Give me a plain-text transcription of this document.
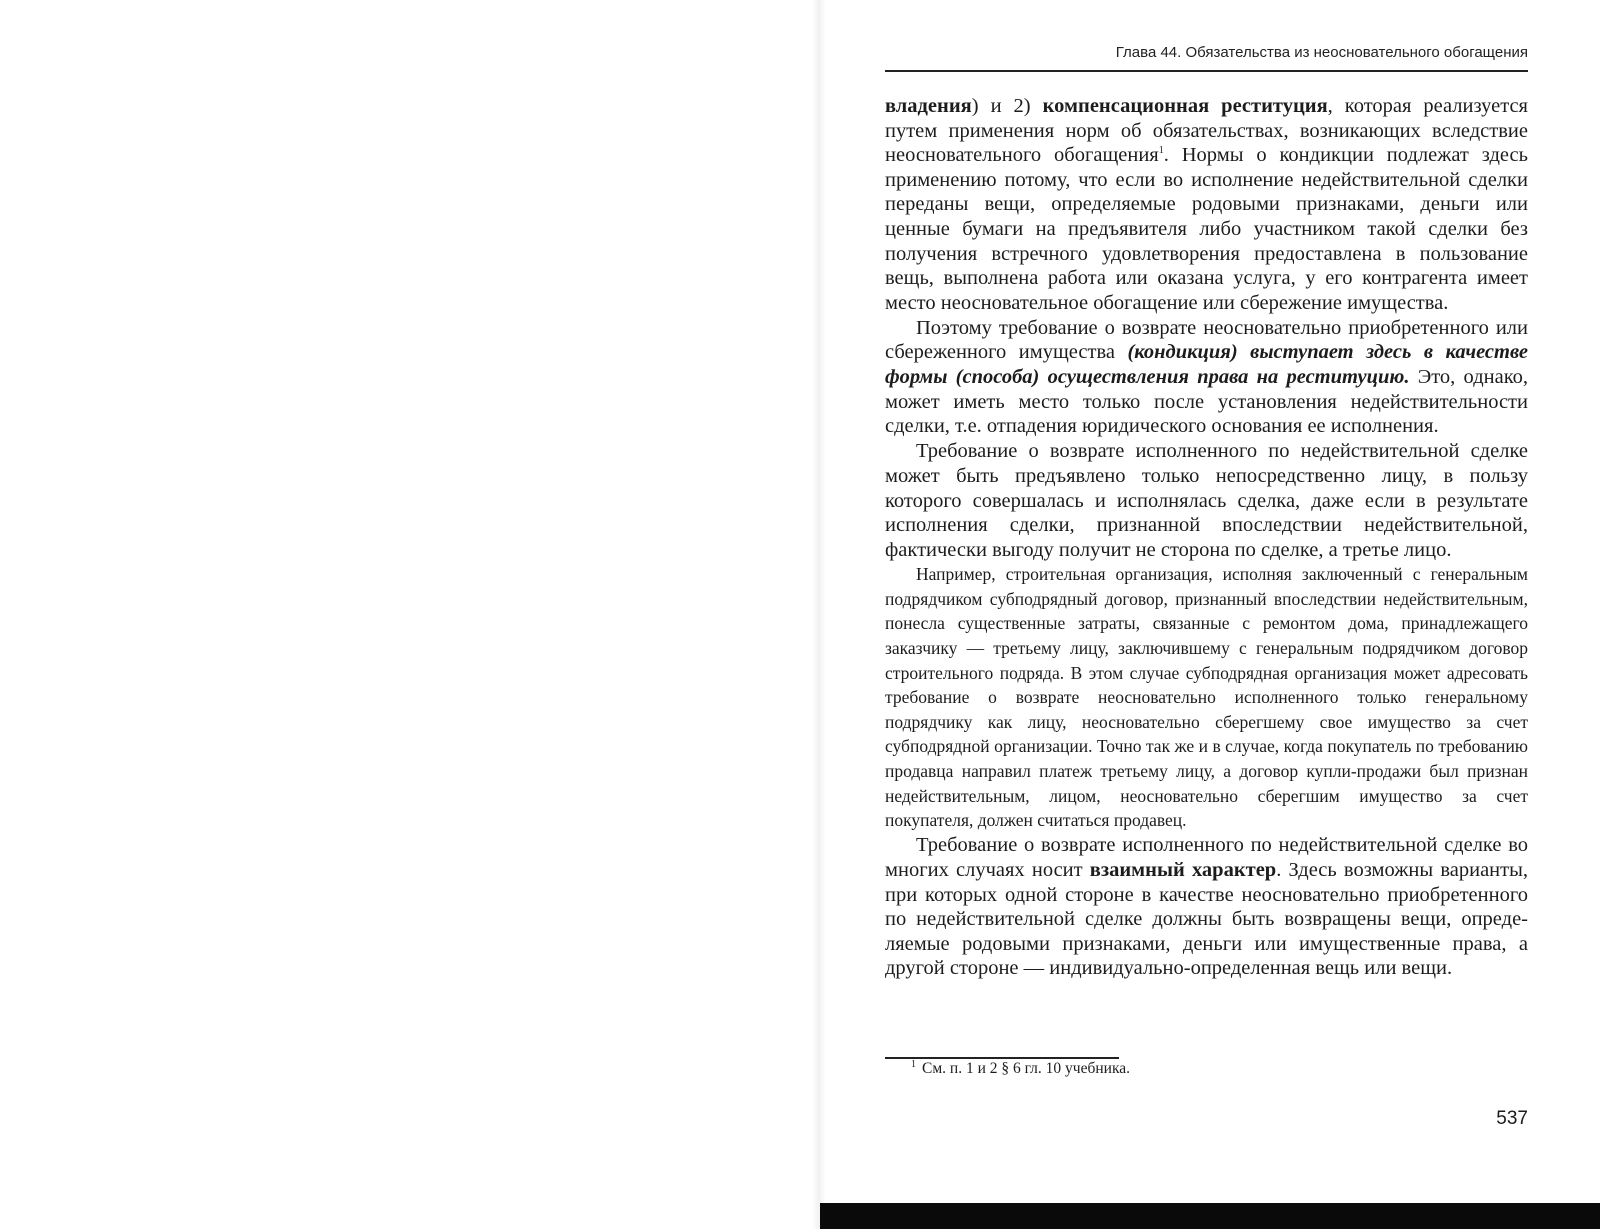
Глава 44. Обязательства из неосновательного обогащения

владения) и 2) компенсационная реституция, которая реализуется путем применения норм об обязательствах, возникающих вследствие неосновательного обогащения$^1$. Нормы о кондикции подлежат здесь применению потому, что если во исполнение недействительной сделки переданы вещи, определяемые родовыми признаками, деньги или ценные бумаги на предъявителя либо участником такой сделки без получения встречного удовлетворения предоставлена в пользование вещь, выполнена работа или оказана услуга, у его контрагента имеет место неосновательное обогащение или сбережение имущества.

Поэтому требование о возврате неосновательно приобретенного или сбереженного имущества (кондикция) выступает здесь в качестве формы (способа) осуществления права на реституцию. Это, однако, может иметь место только после установления недействительности сделки, т.е. отпадения юридического основания ее исполнения.

Требование о возврате исполненного по недействительной сделке может быть предъявлено только непосредственно лицу, в пользу которого совершалась и исполнялась сделка, даже если в результате исполнения сделки, признанной впоследствии недействительной, фактически выгоду получит не сторона по сделке, а третье лицо.

Например, строительная организация, исполняя заключенный с генеральным подрядчиком субподрядный договор, признанный впоследствии недействительным, понесла существенные затраты, связанные с ремонтом дома, принадлежащего заказчику — третьему лицу, заключившему с генеральным подрядчиком договор строительного подряда. В этом случае субподрядная организация может адресовать требование о возврате неосновательно исполненного только генеральному подрядчику как лицу, неосновательно сберегшему свое имущество за счет субподрядной организации. Точно так же и в случае, когда покупатель по требованию продавца направил платеж третьему лицу, а договор купли-продажи был признан недействительным, лицом, неосновательно сберегшим имущество за счет покупателя, должен считаться продавец.

Требование о возврате исполненного по недействительной сделке во многих случаях носит взаимный характер. Здесь возможны варианты, при которых одной стороне в качестве неосновательно приобретенного по недействительной сделке должны быть возвращены вещи, определяемые родовыми признаками, деньги или имущественные права, а другой стороне — индивидуально-определенная вещь или вещи.

$^1$ См. п. 1 и 2 § 6 гл. 10 учебника.
537
